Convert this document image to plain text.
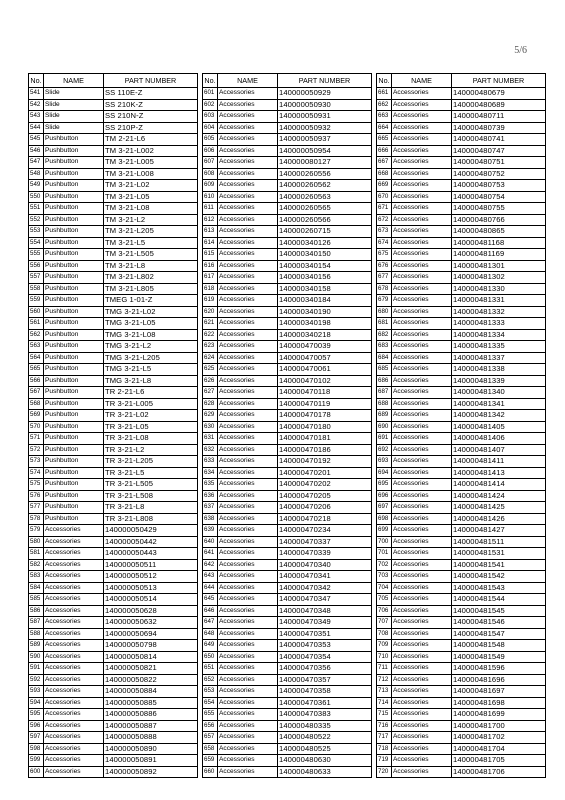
5/6
No.	NAME	PART NUMBER
541	Slide	SS 110E-Z
542	Slide	SS 210K-Z
543	Slide	SS 210N-Z
544	Slide	SS 210P-Z
545	Pushbutton	TM 2-21-L6
546	Pushbutton	TM 3-21-L002
547	Pushbutton	TM 3-21-L005
548	Pushbutton	TM 3-21-L008
549	Pushbutton	TM 3-21-L02
550	Pushbutton	TM 3-21-L05
551	Pushbutton	TM 3-21-L08
552	Pushbutton	TM 3-21-L2
553	Pushbutton	TM 3-21-L205
554	Pushbutton	TM 3-21-L5
555	Pushbutton	TM 3-21-L505
556	Pushbutton	TM 3-21-L8
557	Pushbutton	TM 3-21-L802
558	Pushbutton	TM 3-21-L805
559	Pushbutton	TMEG 1-01-Z
560	Pushbutton	TMG 3-21-L02
561	Pushbutton	TMG 3-21-L05
562	Pushbutton	TMG 3-21-L08
563	Pushbutton	TMG 3-21-L2
564	Pushbutton	TMG 3-21-L205
565	Pushbutton	TMG 3-21-L5
566	Pushbutton	TMG 3-21-L8
567	Pushbutton	TR 2-21-L6
568	Pushbutton	TR 3-21-L005
569	Pushbutton	TR 3-21-L02
570	Pushbutton	TR 3-21-L05
571	Pushbutton	TR 3-21-L08
572	Pushbutton	TR 3-21-L2
573	Pushbutton	TR 3-21-L205
574	Pushbutton	TR 3-21-L5
575	Pushbutton	TR 3-21-L505
576	Pushbutton	TR 3-21-L508
577	Pushbutton	TR 3-21-L8
578	Pushbutton	TR 3-21-L808
579	Accessories	140000050429
580	Accessories	140000050442
581	Accessories	140000050443
582	Accessories	140000050511
583	Accessories	140000050512
584	Accessories	140000050513
585	Accessories	140000050514
586	Accessories	140000050628
587	Accessories	140000050632
588	Accessories	140000050694
589	Accessories	140000050798
590	Accessories	140000050814
591	Accessories	140000050821
592	Accessories	140000050822
593	Accessories	140000050884
594	Accessories	140000050885
595	Accessories	140000050886
596	Accessories	140000050887
597	Accessories	140000050888
598	Accessories	140000050890
599	Accessories	140000050891
600	Accessories	140000050892
No.	NAME	PART NUMBER
601	Accessories	140000050929
602	Accessories	140000050930
603	Accessories	140000050931
604	Accessories	140000050932
605	Accessories	140000050937
606	Accessories	140000050954
607	Accessories	140000080127
608	Accessories	140000260556
609	Accessories	140000260562
610	Accessories	140000260563
611	Accessories	140000260565
612	Accessories	140000260566
613	Accessories	140000260715
614	Accessories	140000340126
615	Accessories	140000340150
616	Accessories	140000340154
617	Accessories	140000340156
618	Accessories	140000340158
619	Accessories	140000340184
620	Accessories	140000340190
621	Accessories	140000340198
622	Accessories	140000340218
623	Accessories	140000470039
624	Accessories	140000470057
625	Accessories	140000470061
626	Accessories	140000470102
627	Accessories	140000470118
628	Accessories	140000470119
629	Accessories	140000470178
630	Accessories	140000470180
631	Accessories	140000470181
632	Accessories	140000470186
633	Accessories	140000470192
634	Accessories	140000470201
635	Accessories	140000470202
636	Accessories	140000470205
637	Accessories	140000470206
638	Accessories	140000470218
639	Accessories	140000470234
640	Accessories	140000470337
641	Accessories	140000470339
642	Accessories	140000470340
643	Accessories	140000470341
644	Accessories	140000470342
645	Accessories	140000470347
646	Accessories	140000470348
647	Accessories	140000470349
648	Accessories	140000470351
649	Accessories	140000470353
650	Accessories	140000470354
651	Accessories	140000470356
652	Accessories	140000470357
653	Accessories	140000470358
654	Accessories	140000470361
655	Accessories	140000470383
656	Accessories	140000480335
657	Accessories	140000480522
658	Accessories	140000480525
659	Accessories	140000480630
660	Accessories	140000480633
No.	NAME	PART NUMBER
661	Accessories	140000480679
662	Accessories	140000480689
663	Accessories	140000480711
664	Accessories	140000480739
665	Accessories	140000480741
666	Accessories	140000480747
667	Accessories	140000480751
668	Accessories	140000480752
669	Accessories	140000480753
670	Accessories	140000480754
671	Accessories	140000480755
672	Accessories	140000480766
673	Accessories	140000480865
674	Accessories	140000481168
675	Accessories	140000481169
676	Accessories	140000481301
677	Accessories	140000481302
678	Accessories	140000481330
679	Accessories	140000481331
680	Accessories	140000481332
681	Accessories	140000481333
682	Accessories	140000481334
683	Accessories	140000481335
684	Accessories	140000481337
685	Accessories	140000481338
686	Accessories	140000481339
687	Accessories	140000481340
688	Accessories	140000481341
689	Accessories	140000481342
690	Accessories	140000481405
691	Accessories	140000481406
692	Accessories	140000481407
693	Accessories	140000481411
694	Accessories	140000481413
695	Accessories	140000481414
696	Accessories	140000481424
697	Accessories	140000481425
698	Accessories	140000481426
699	Accessories	140000481427
700	Accessories	140000481511
701	Accessories	140000481531
702	Accessories	140000481541
703	Accessories	140000481542
704	Accessories	140000481543
705	Accessories	140000481544
706	Accessories	140000481545
707	Accessories	140000481546
708	Accessories	140000481547
709	Accessories	140000481548
710	Accessories	140000481549
711	Accessories	140000481596
712	Accessories	140000481696
713	Accessories	140000481697
714	Accessories	140000481698
715	Accessories	140000481699
716	Accessories	140000481700
717	Accessories	140000481702
718	Accessories	140000481704
719	Accessories	140000481705
720	Accessories	140000481706
